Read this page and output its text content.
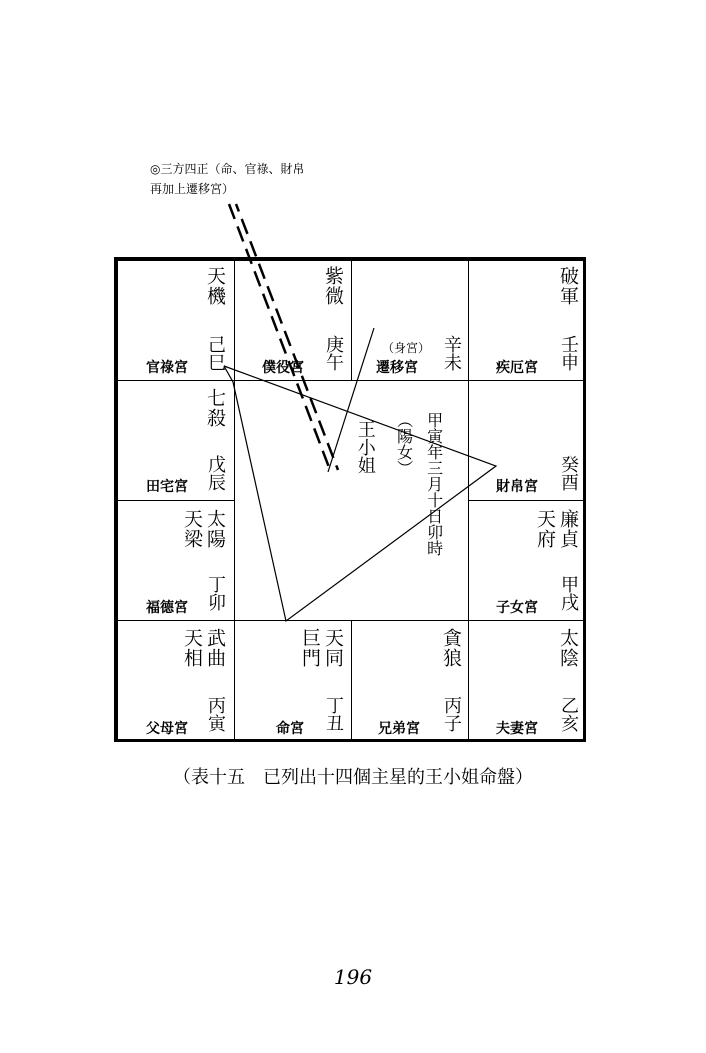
◎三方四正（命、官祿、財帛
再加上遷移宮）
天機
己巳
官祿宮
紫微
庚午
僕役宮
（身宮） 辛未
遷移宮
破軍
壬申
疾厄宮
七殺
戊辰
田宅宮	癸酉
財帛宮
太陽
天梁
丁卯
福德宮
廉貞
天府
甲戌
子女宮
武曲
天相
丙寅
父母宮
天同
巨門
丁丑
命宮
貪狼
丙子
兄弟宮
太陰
乙亥
夫妻宮
王小姐 （陽女） 甲寅年三月十日卯時
（表十五　已列出十四個主星的王小姐命盤）
196
